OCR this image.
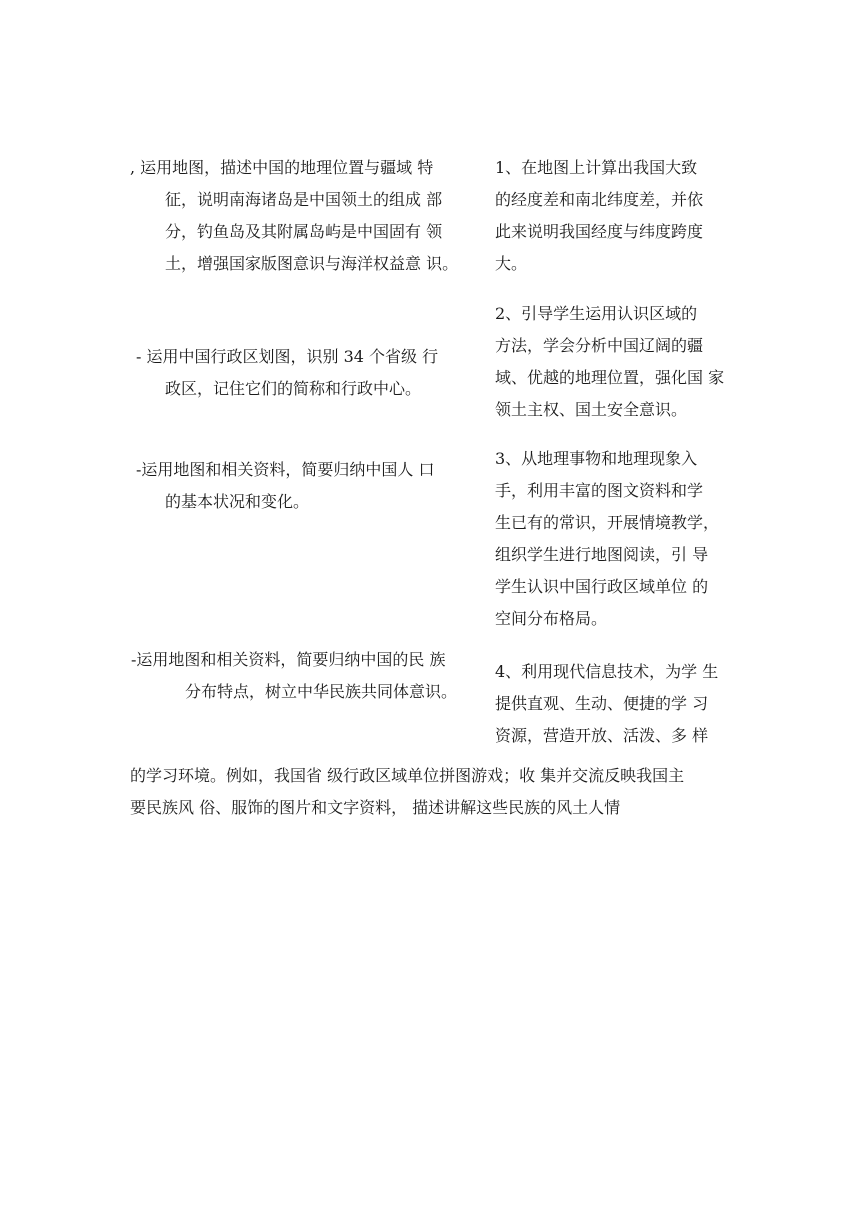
, 运用地图，描述中国的地理位置与疆域 特
征，说明南海诸岛是中国领土的组成 部
分，钓鱼岛及其附属岛屿是中国固有 领
土，增强国家版图意识与海洋权益意 识。
- 运用中国行政区划图，识别 34 个省级 行
政区，记住它们的简称和行政中心。
-运用地图和相关资料，简要归纳中国人 口
的基本状况和变化。
-运用地图和相关资料，简要归纳中国的民 族
分布特点，树立中华民族共同体意识。
1、在地图上计算出我国大致
的经度差和南北纬度差，并依
此来说明我国经度与纬度跨度
大。
2、引导学生运用认识区域的
方法，学会分析中国辽阔的疆
域、优越的地理位置，强化国 家
领土主权、国土安全意识。
3、从地理事物和地理现象入
手，利用丰富的图文资料和学
生已有的常识，开展情境教学，
组织学生进行地图阅读，引 导
学生认识中国行政区域单位 的
空间分布格局。
4、利用现代信息技术，为学 生
提供直观、生动、便捷的学 习
资源，营造开放、活泼、多 样
的学习环境。例如，我国省 级行政区域单位拼图游戏；收 集并交流反映我国主
要民族风 俗、服饰的图片和文字资料， 描述讲解这些民族的风土人情
